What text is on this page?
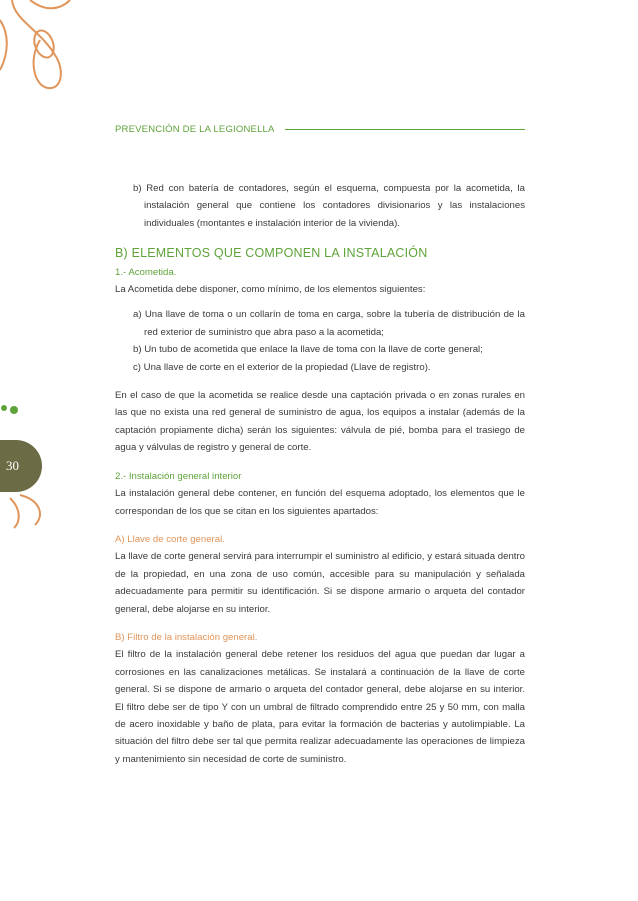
PREVENCIÓN DE LA LEGIONELLA
30

b) Red con batería de contadores, según el esquema, compuesta por la acometida, la instalación general que contiene los contadores divisionarios y las instalaciones individuales (montantes e instalación interior de la vivienda).

B) ELEMENTOS QUE COMPONEN LA INSTALACIÓN

1.- Acometida.

La Acometida debe disponer, como mínimo, de los elementos siguientes:

a) Una llave de toma o un collarín de toma en carga, sobre la tubería de distribución de la red exterior de suministro que abra paso a la acometida;

b) Un tubo de acometida que enlace la llave de toma con la llave de corte general;

c) Una llave de corte en el exterior de la propiedad (Llave de registro).

En el caso de que la acometida se realice desde una captación privada o en zonas rurales en las que no exista una red general de suministro de agua, los equipos a instalar (además de la captación propiamente dicha) serán los siguientes: válvula de pié, bomba para el trasiego de agua y válvulas de registro y general de corte.

2.- Instalación general interior

La instalación general debe contener, en función del esquema adoptado, los elementos que le correspondan de los que se citan en los siguientes apartados:

A) Llave de corte general.

La llave de corte general servirá para interrumpir el suministro al edificio, y estará situada dentro de la propiedad, en una zona de uso común, accesible para su manipulación y señalada adecuadamente para permitir su identificación. Si se dispone armario o arqueta del contador general, debe alojarse en su interior.

B) Filtro de la instalación general.

El filtro de la instalación general debe retener los residuos del agua que puedan dar lugar a corrosiones en las canalizaciones metálicas. Se instalará a continuación de la llave de corte general. Si se dispone de armario o arqueta del contador general, debe alojarse en su interior. El filtro debe ser de tipo Y con un umbral de filtrado comprendido entre 25 y 50 mm, con malla de acero inoxidable y baño de plata, para evitar la formación de bacterias y autolimpiable. La situación del filtro debe ser tal que permita realizar adecuadamente las operaciones de limpieza y mantenimiento sin necesidad de corte de suministro.
